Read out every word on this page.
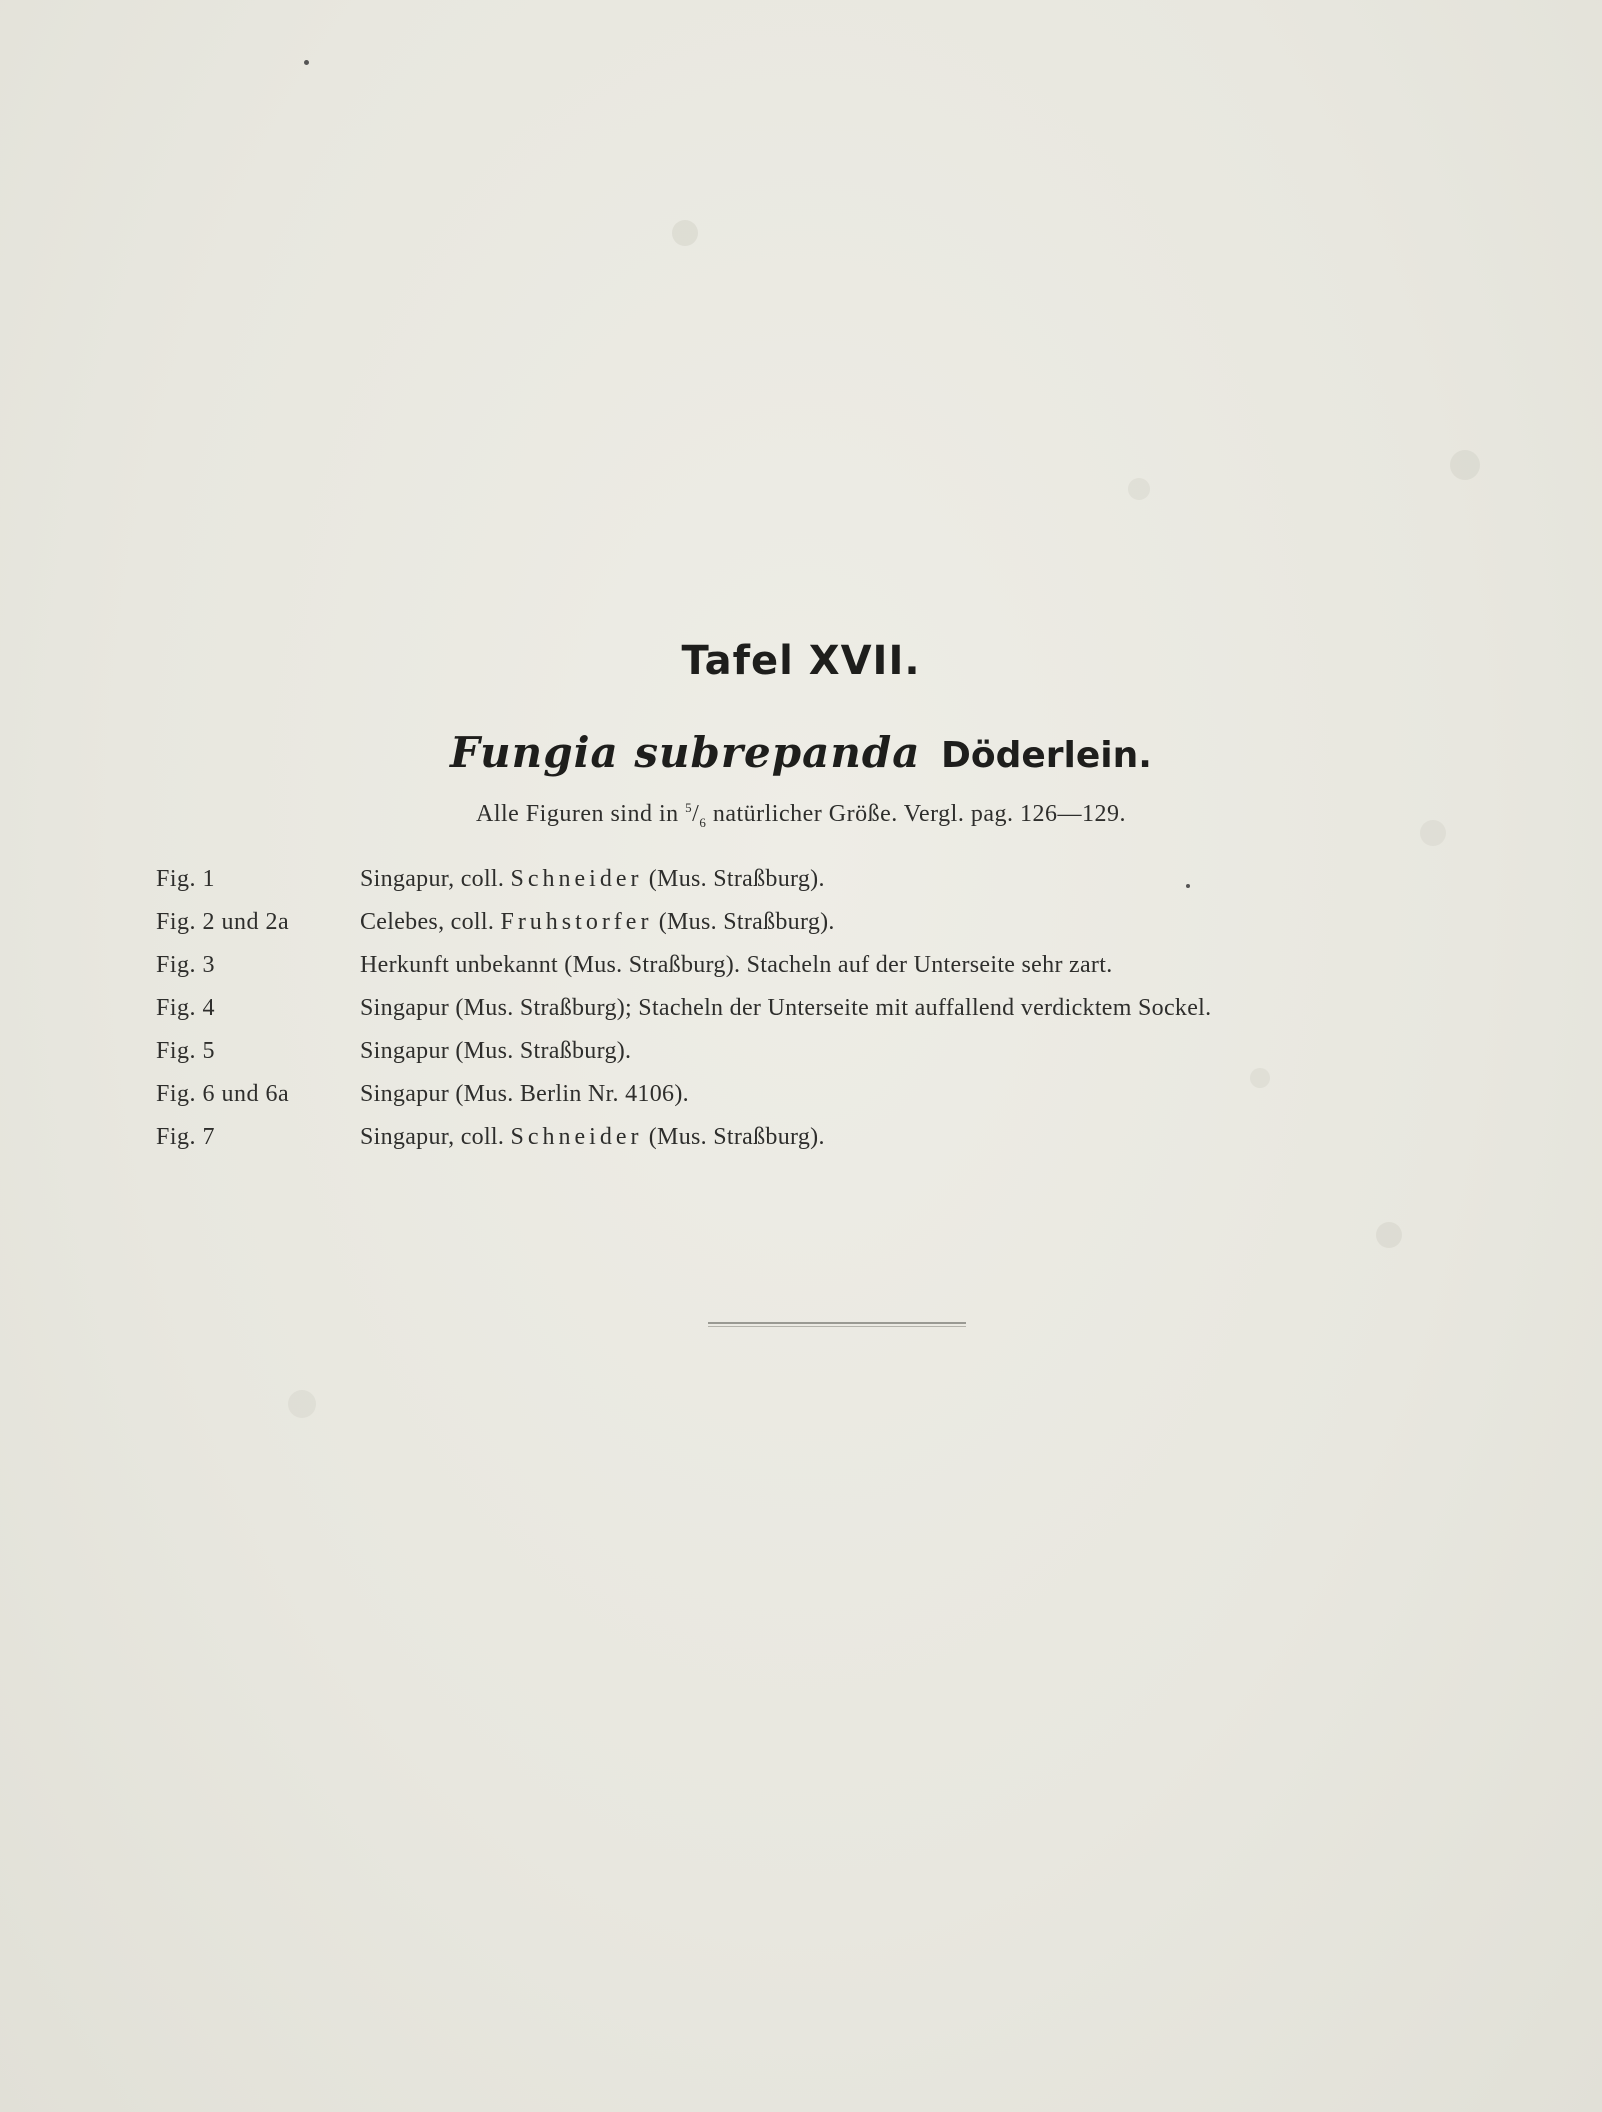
Tafel XVII.
Fungia subrepanda Döderlein.
Alle Figuren sind in $^5/_6$ natürlicher Größe. Vergl. pag. 126—129.
Fig. 1	Singapur, coll. Schneider (Mus. Straßburg).
Fig. 2 und 2a	Celebes, coll. Fruhstorfer (Mus. Straßburg).
Fig. 3	Herkunft unbekannt (Mus. Straßburg). Stacheln auf der Unterseite sehr zart.
Fig. 4	Singapur (Mus. Straßburg); Stacheln der Unterseite mit auffallend verdicktem Sockel.
Fig. 5	Singapur (Mus. Straßburg).
Fig. 6 und 6a	Singapur (Mus. Berlin Nr. 4106).
Fig. 7	Singapur, coll. Schneider (Mus. Straßburg).
